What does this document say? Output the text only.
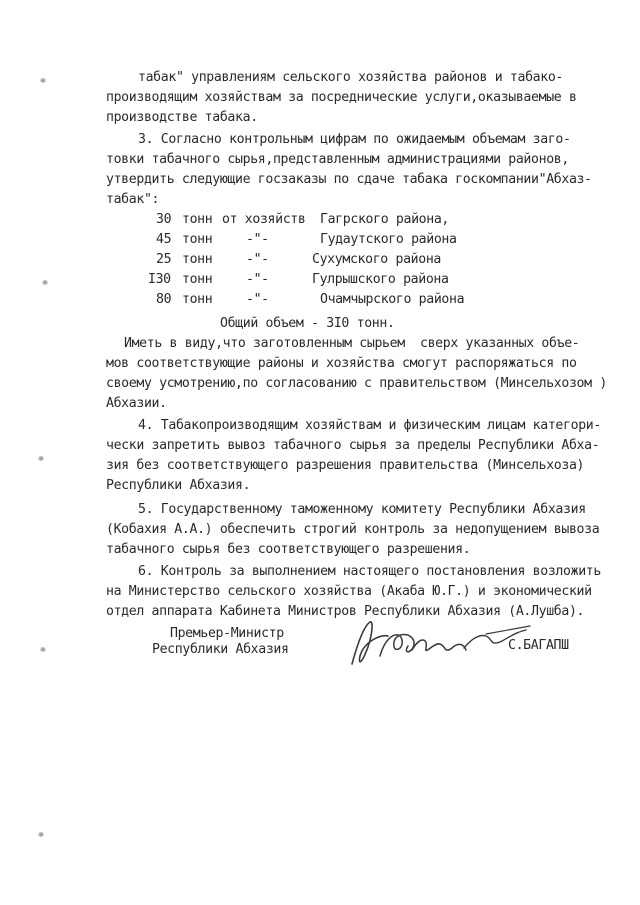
табак" управлениям сельского хозяйства районов и табако-
производящим хозяйствам за посреднические услуги,оказываемые в
производстве табака.
3. Согласно контрольным цифрам по ожидаемым объемам загo-
товки табачного сырья,представленным администрациями районов,
утвердить следующие госзаказы по сдаче табака госкомпании"Абхаз-
табак":
30 тонн от хозяйств Гагрского района,
45 тонн	-"-	Гудаутского района
25 тонн	-"-	Сухумского района
I30 тонн	-"-	Гулрышского района
80 тонн	-"-	Очамчырского района
Общий объем - 3I0 тонн.
Иметь в виду,что заготовленным сырьем  сверх указанных объе-
мов соответствующие районы и хозяйства смогут распоряжаться по
своему усмотрению,по согласованию с правительством (Минсельхозом )
Абхазии.
4. Табакопроизводящим хозяйствам и физическим лицам категори-
чески запретить вывоз табачного сырья за пределы Республики Абха-
зия без соответствующего разрешения правительства (Минсельхоза)
Республики Абхазия.
5. Государственному таможенному комитету Республики Абхазия
(Кобахия А.А.) обеспечить строгий контроль за недопущением вывоза
табачного сырья без соответствующего разрешения.
6. Контроль за выполнением настоящего постановления возложить
на Министерство сельского хозяйства (Акаба Ю.Г.) и экономический
отдел аппарата Кабинета Министров Республики Абхазия (А.Лушба).
Премьер-Министр
Республики Абхазия	С.БАГАПШ
